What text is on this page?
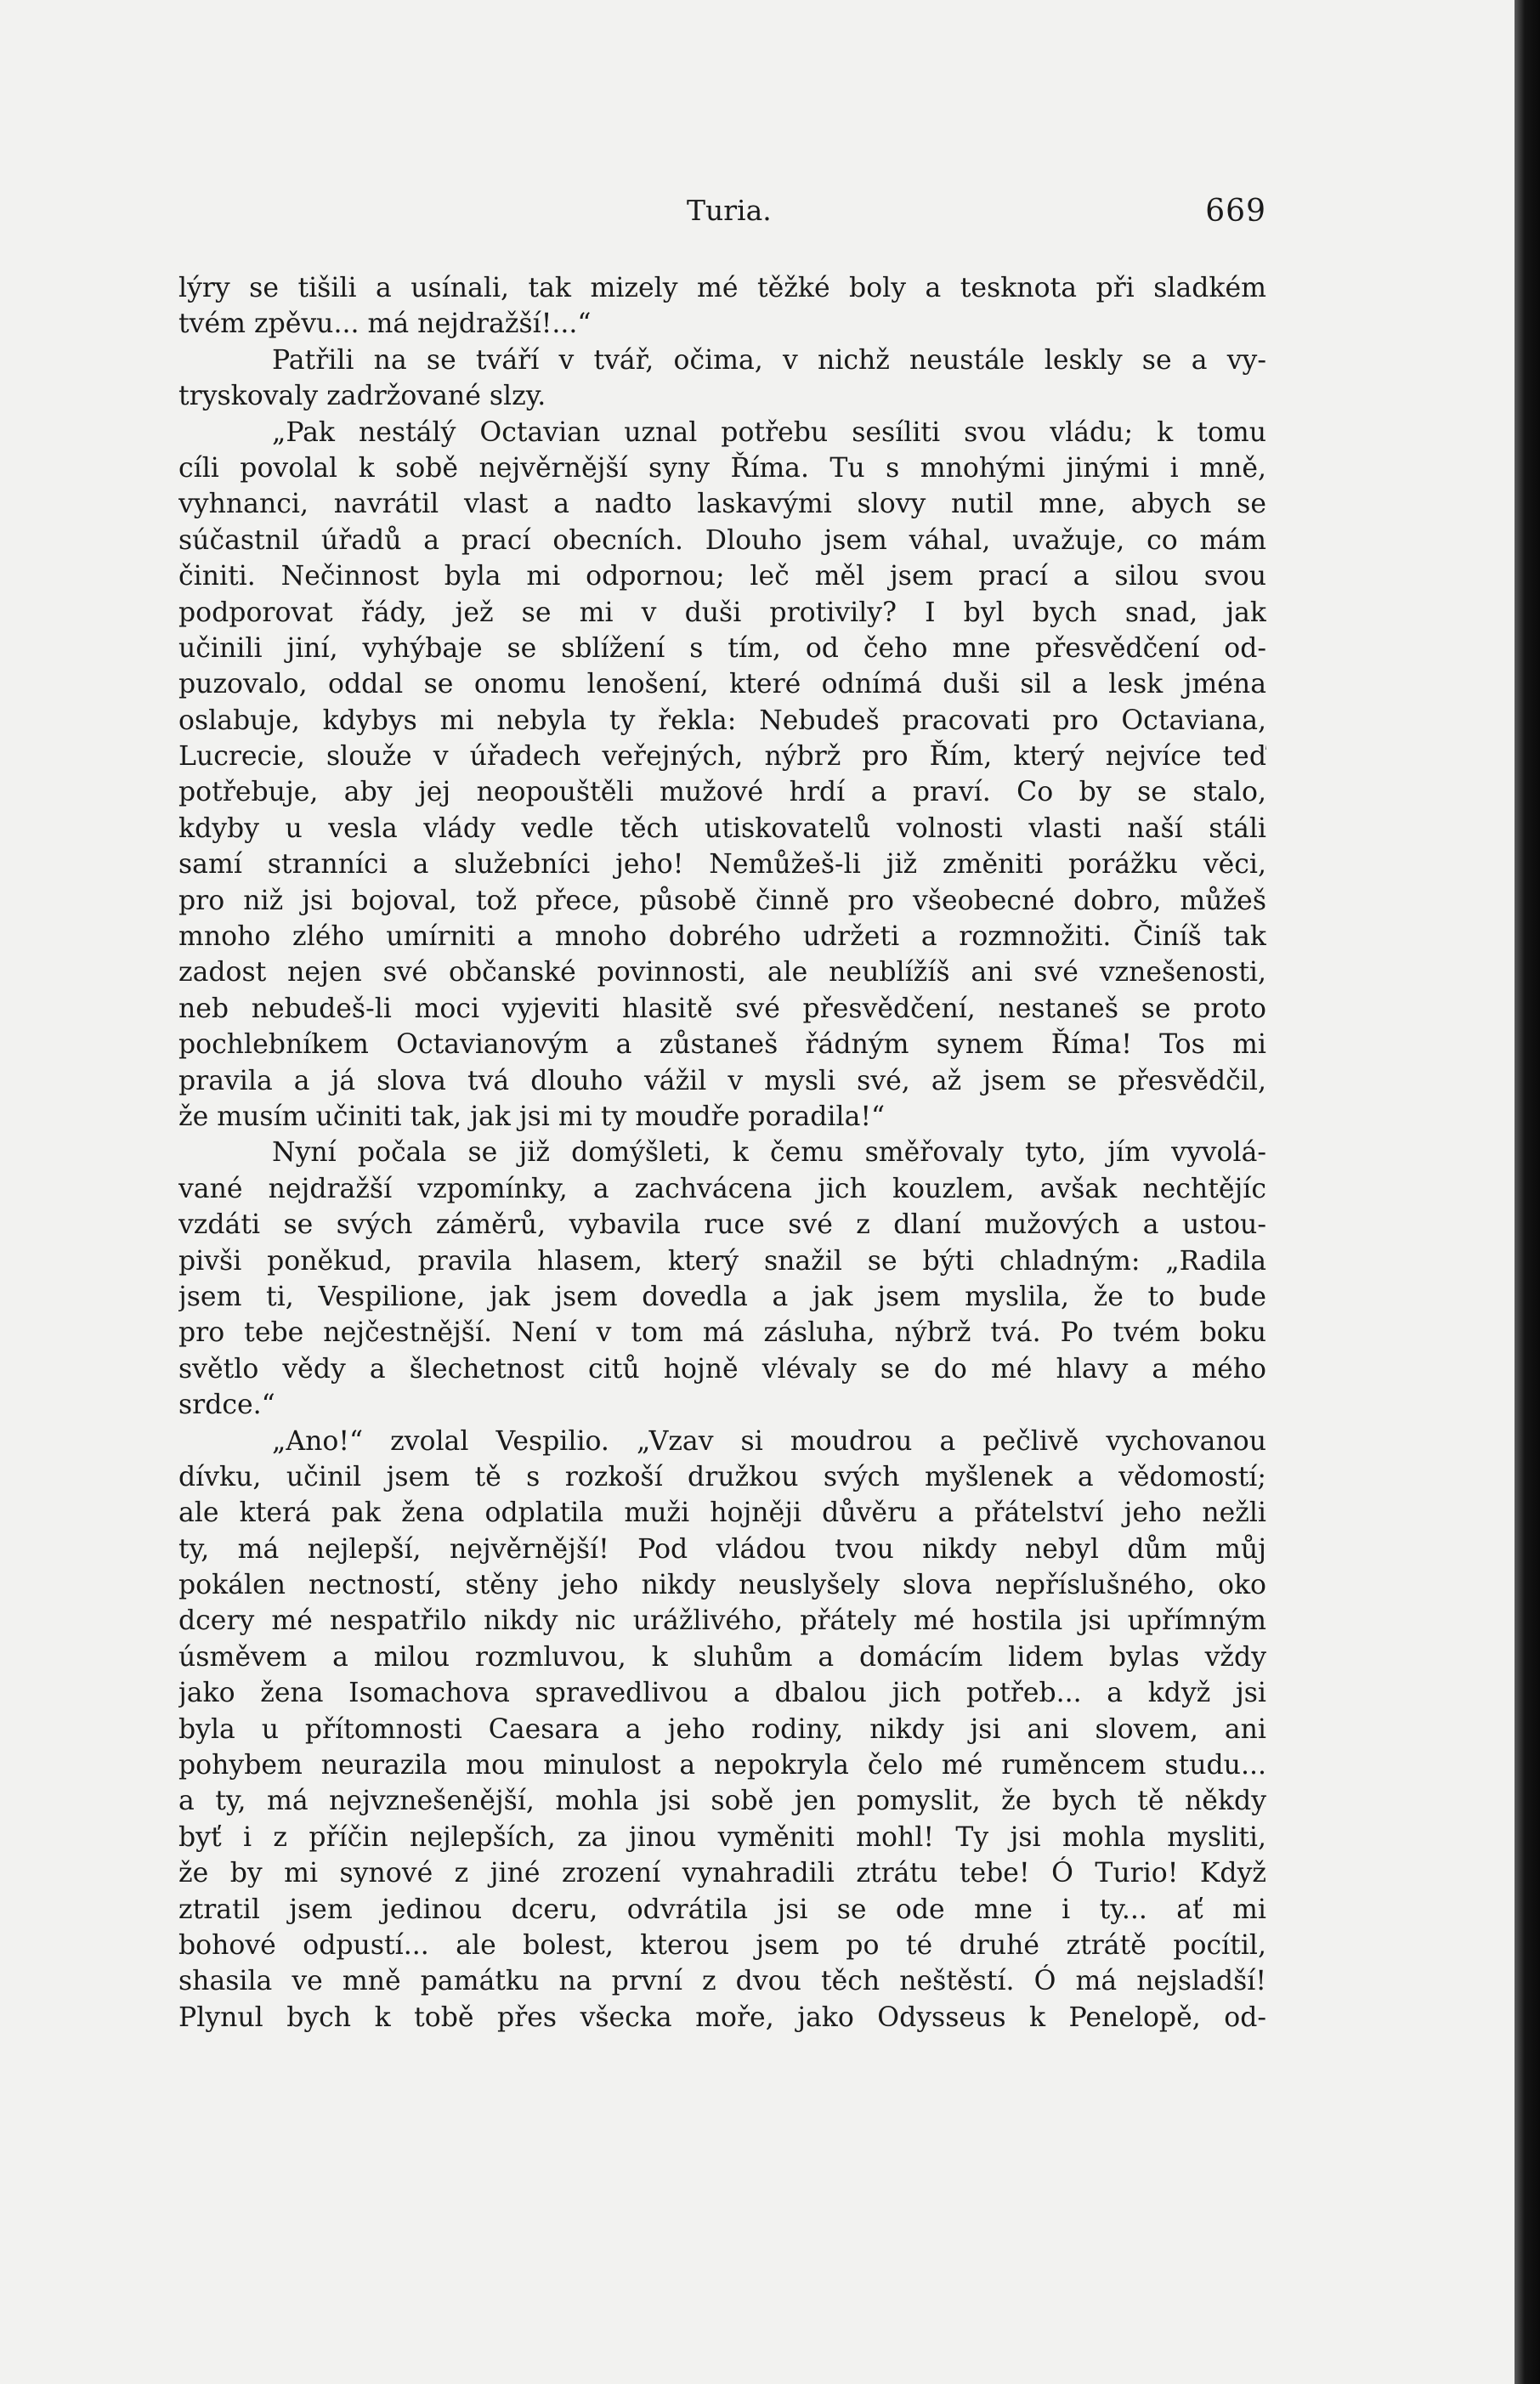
Turia.	669
lýry se tišili a usínali, tak mizely mé těžké boly a tesknota při sladkém
tvém zpěvu... má nejdražší!...“
Patřili na se tváří v tvář, očima, v nichž neustále leskly se a vy-
tryskovaly zadržované slzy.
„Pak nestálý Octavian uznal potřebu sesíliti svou vládu; k tomu
cíli povolal k sobě nejvěrnější syny Říma. Tu s mnohými jinými i mně,
vyhnanci, navrátil vlast a nadto laskavými slovy nutil mne, abych se
súčastnil úřadů a prací obecních. Dlouho jsem váhal, uvažuje, co mám
činiti. Nečinnost byla mi odpornou; leč měl jsem prací a silou svou
podporovat řády, jež se mi v duši protivily? I byl bych snad, jak
učinili jiní, vyhýbaje se sblížení s tím, od čeho mne přesvědčení od-
puzovalo, oddal se onomu lenošení, které odnímá duši sil a lesk jména
oslabuje, kdybys mi nebyla ty řekla: Nebudeš pracovati pro Octaviana,
Lucrecie, slouže v úřadech veřejných, nýbrž pro Řím, který nejvíce teď
potřebuje, aby jej neopouštěli mužové hrdí a praví. Co by se stalo,
kdyby u vesla vlády vedle těch utiskovatelů volnosti vlasti naší stáli
samí stranníci a služebníci jeho! Nemůžeš-li již změniti porážku věci,
pro niž jsi bojoval, tož přece, působě činně pro všeobecné dobro, můžeš
mnoho zlého umírniti a mnoho dobrého udržeti a rozmnožiti. Činíš tak
zadost nejen své občanské povinnosti, ale neublížíš ani své vznešenosti,
neb nebudeš-li moci vyjeviti hlasitě své přesvědčení, nestaneš se proto
pochlebníkem Octavianovým a zůstaneš řádným synem Říma! Tos mi
pravila a já slova tvá dlouho vážil v mysli své, až jsem se přesvědčil,
že musím učiniti tak, jak jsi mi ty moudře poradila!“
Nyní počala se již domýšleti, k čemu směřovaly tyto, jím vyvolá-
vané nejdražší vzpomínky, a zachvácena jich kouzlem, avšak nechtějíc
vzdáti se svých záměrů, vybavila ruce své z dlaní mužových a ustou-
pivši poněkud, pravila hlasem, který snažil se býti chladným: „Radila
jsem ti, Vespilione, jak jsem dovedla a jak jsem myslila, že to bude
pro tebe nejčestnější. Není v tom má zásluha, nýbrž tvá. Po tvém boku
světlo vědy a šlechetnost citů hojně vlévaly se do mé hlavy a mého
srdce.“
„Ano!“ zvolal Vespilio. „Vzav si moudrou a pečlivě vychovanou
dívku, učinil jsem tě s rozkoší družkou svých myšlenek a vědomostí;
ale která pak žena odplatila muži hojněji důvěru a přátelství jeho nežli
ty, má nejlepší, nejvěrnější! Pod vládou tvou nikdy nebyl dům můj
pokálen nectností, stěny jeho nikdy neuslyšely slova nepříslušného, oko
dcery mé nespatřilo nikdy nic urážlivého, přátely mé hostila jsi upřímným
úsměvem a milou rozmluvou, k sluhům a domácím lidem bylas vždy
jako žena Isomachova spravedlivou a dbalou jich potřeb... a když jsi
byla u přítomnosti Caesara a jeho rodiny, nikdy jsi ani slovem, ani
pohybem neurazila mou minulost a nepokryla čelo mé ruměncem studu...
a ty, má nejvznešenější, mohla jsi sobě jen pomyslit, že bych tě někdy
byť i z příčin nejlepších, za jinou vyměniti mohl! Ty jsi mohla mysliti,
že by mi synové z jiné zrození vynahradili ztrátu tebe! Ó Turio! Když
ztratil jsem jedinou dceru, odvrátila jsi se ode mne i ty... ať mi
bohové odpustí... ale bolest, kterou jsem po té druhé ztrátě pocítil,
shasila ve mně památku na první z dvou těch neštěstí. Ó má nejsladší!
Plynul bych k tobě přes všecka moře, jako Odysseus k Penelopě, od-
